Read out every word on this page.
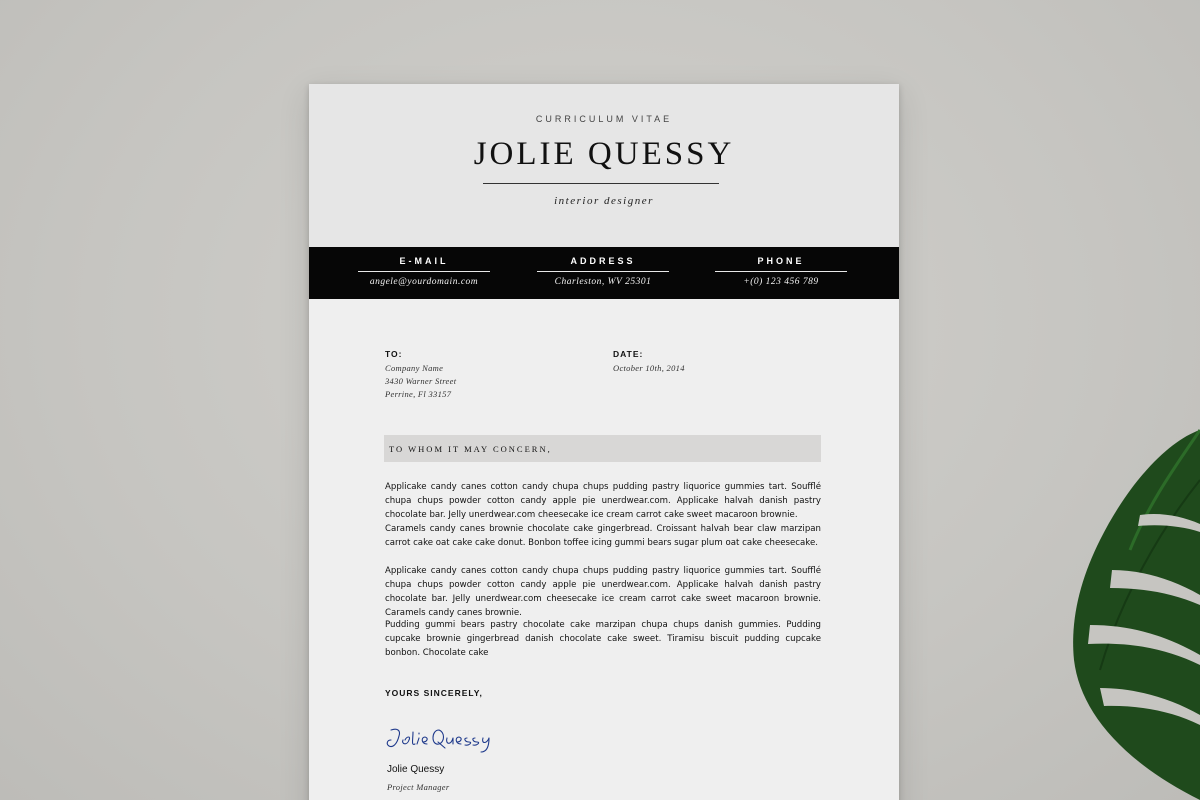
CURRICULUM VITAE
JOLIE QUESSY
interior designer
E-MAIL
angele@yourdomain.com
ADDRESS
Charleston, WV 25301
PHONE
+(0) 123 456 789
TO:
Company Name
3430 Warner Street
Perrine, Fl 33157
DATE:
October 10th, 2014
TO WHOM IT MAY CONCERN,

Applicake candy canes cotton candy chupa chups pudding pastry liquorice gummies tart. Soufflé chupa chups powder cotton candy apple pie unerdwear.com. Applicake halvah danish pastry chocolate bar. Jelly unerdwear.com cheesecake ice cream carrot cake sweet macaroon brownie.

Caramels candy canes brownie chocolate cake gingerbread. Croissant halvah bear claw marzipan carrot cake oat cake cake donut. Bonbon toffee icing gummi bears sugar plum oat cake cheesecake.

Applicake candy canes cotton candy chupa chups pudding pastry liquorice gummies tart. Soufflé chupa chups powder cotton candy apple pie unerdwear.com. Applicake halvah danish pastry chocolate bar. Jelly unerdwear.com cheesecake ice cream carrot cake sweet macaroon brownie. Caramels candy canes brownie.

Pudding gummi bears pastry chocolate cake marzipan chupa chups danish gummies. Pudding cupcake brownie gingerbread danish chocolate cake sweet. Tiramisu biscuit pudding cupcake bonbon. Chocolate cake

YOURS SINCERELY,
Jolie Quessy
Project Manager
